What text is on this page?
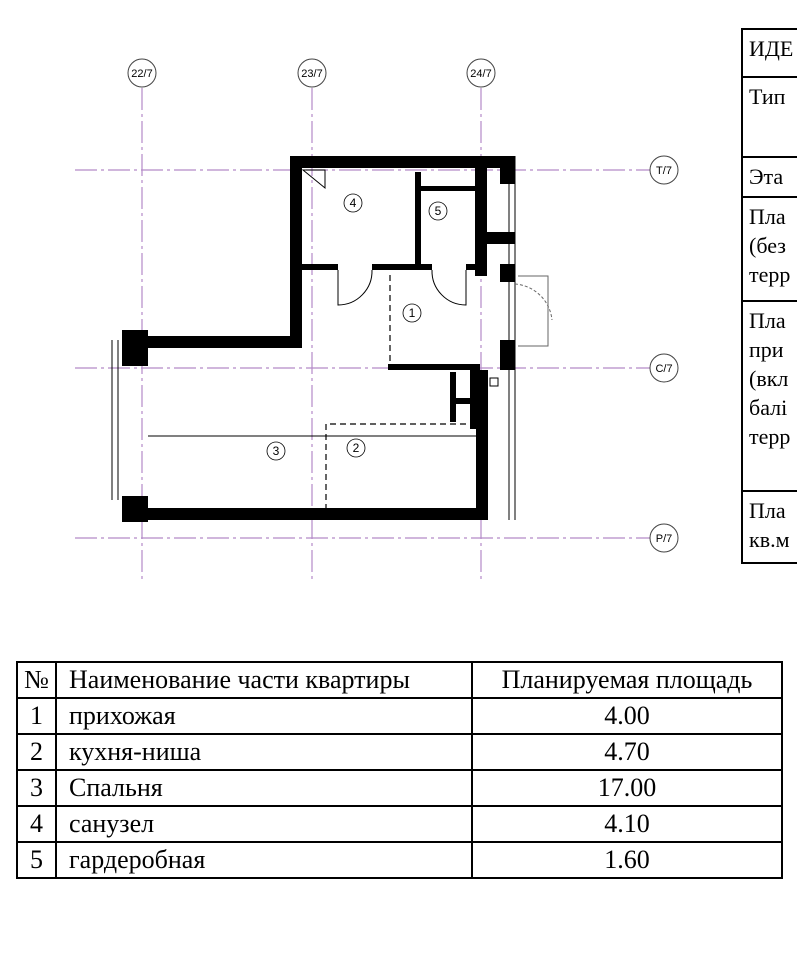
22/7	23/7	24/7
Т/7
С/7
Р/7
1
2
3
4
5
ИДЕ
Тип
Эта
Пла
(без
терр
Пла
при
(вкл
балі
терр
Пла
кв.м
№	Наименование части квартиры	Планируемая площадь
1	прихожая	4.00
2	кухня-ниша	4.70
3	Спальня	17.00
4	санузел	4.10
5	гардеробная	1.60
